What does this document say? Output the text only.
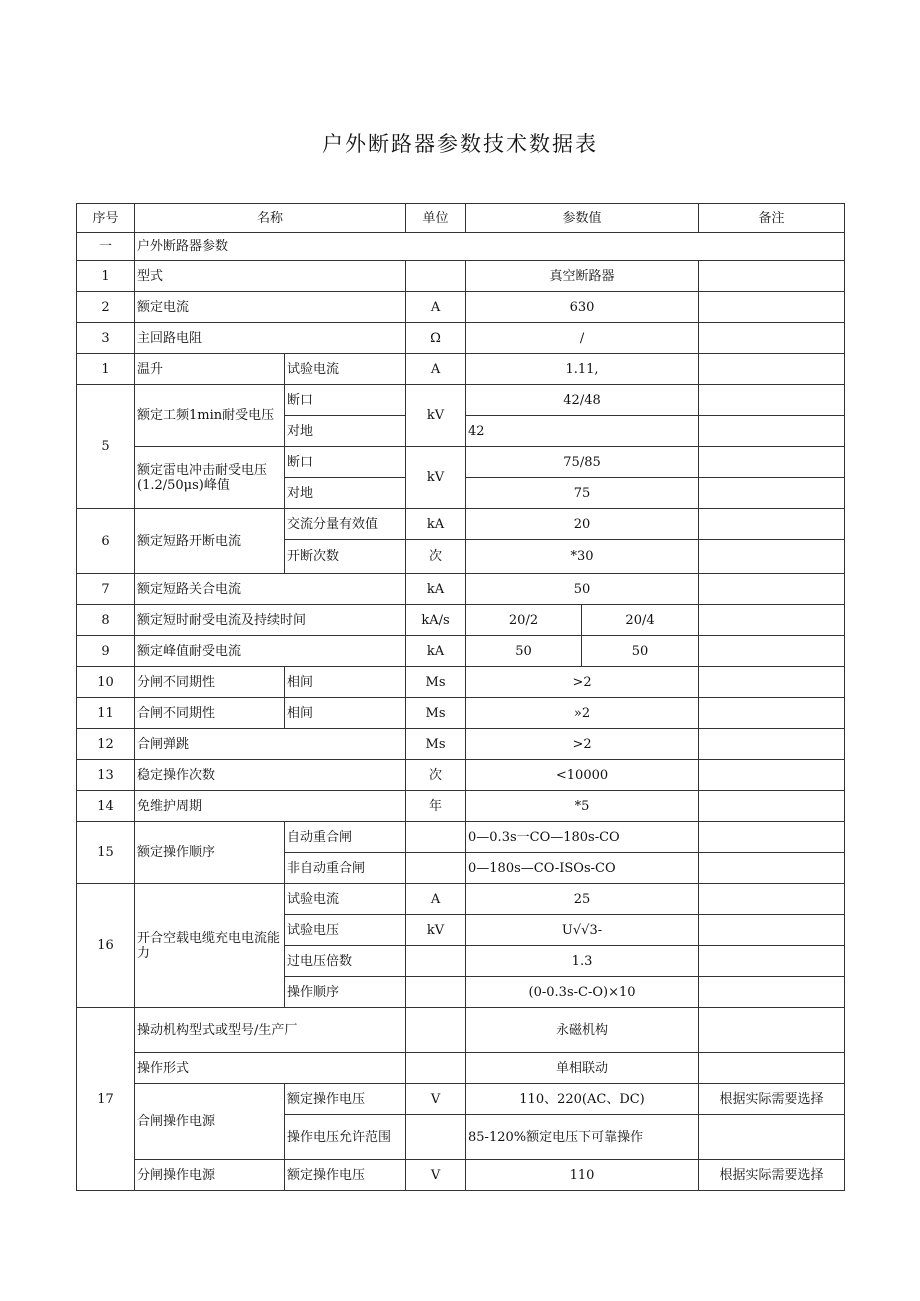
户外断路器参数技术数据表
序号	名称		单位	参数值		备注
一	户外断路器参数					
1	型式			真空断路器		
2	额定电流		A	630		
3	主回路电阻		Ω	/		
1	温升	试验电流	A	1.11,		
5	额定工频1min耐受电压	断口	kV	42/48		
		对地		42		
	额定雷电冲击耐受电压(1.2/50μs)峰值	断口	kV	75/85		
		对地		75		
6	额定短路开断电流	交流分量有效值	kA	20		
		开断次数	次	*30		
7	额定短路关合电流		kA	50		
8	额定短时耐受电流及持续时间		kA/s	20/2	20/4	
9	额定峰值耐受电流		kA	50	50	
10	分闸不同期性	相间	Ms	>2		
11	合闸不同期性	相间	Ms	»2		
12	合闸弹跳		Ms	>2		
13	稳定操作次数		次	<10000		
14	免维护周期		年	*5		
15	额定操作顺序	自动重合闸		0—0.3s一CO—180s-CO		
		非自动重合闸		0—180s—CO-ISOs-CO		
16	开合空载电缆充电电流能力	试验电流	A	25		
		试验电压	kV	U√√3-		
		过电压倍数		1.3		
		操作顺序		(0-0.3s-C-O)×10		
17	操动机构型式或型号/生产厂			永磁机构		
	操作形式			单相联动		
	合闸操作电源	额定操作电压	V	110、220(AC、DC)		根据实际需要选择
		操作电压允许范围		85-120%额定电压下可靠操作		
	分闸操作电源	额定操作电压	V	110		根据实际需要选择
